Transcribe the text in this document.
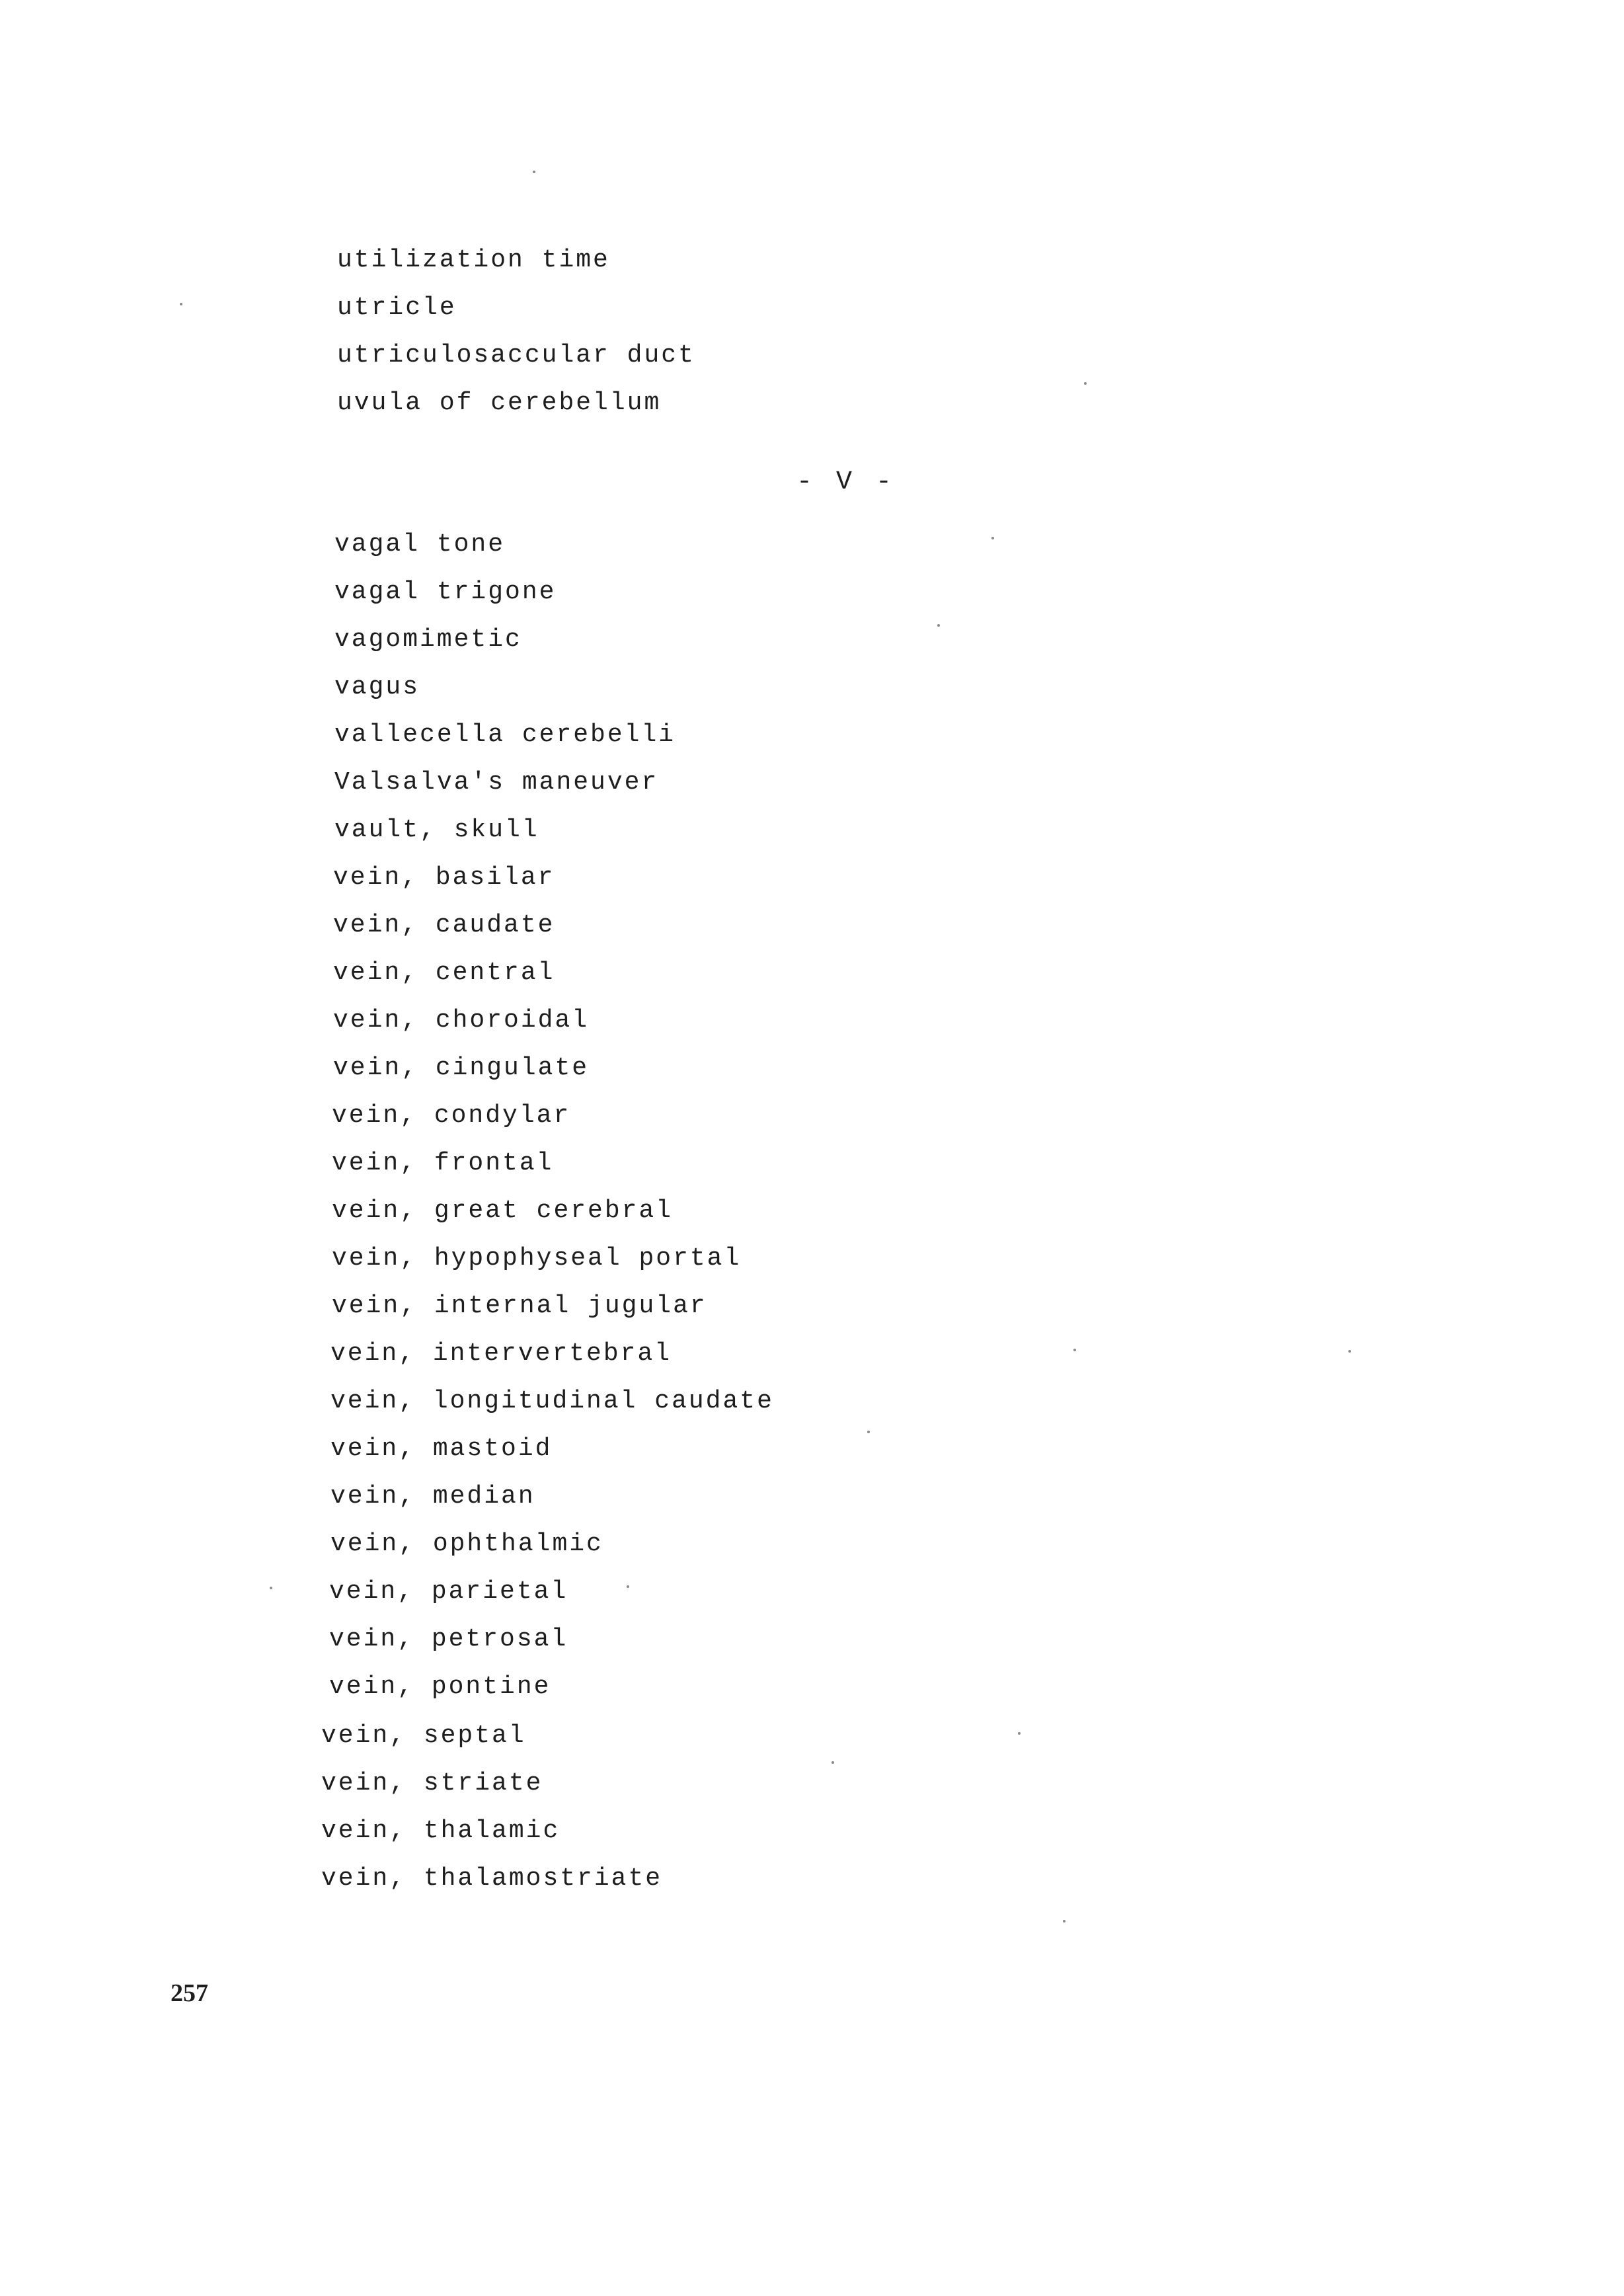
utilization time
utricle
utriculosaccular duct
uvula of cerebellum
- V -
vagal tone
vagal trigone
vagomimetic
vagus
vallecella cerebelli
Valsalva's maneuver
vault, skull
vein, basilar
vein, caudate
vein, central
vein, choroidal
vein, cingulate
vein, condylar
vein, frontal
vein, great cerebral
vein, hypophyseal portal
vein, internal jugular
vein, intervertebral
vein, longitudinal caudate
vein, mastoid
vein, median
vein, ophthalmic
vein, parietal
vein, petrosal
vein, pontine
vein, septal
vein, striate
vein, thalamic
vein, thalamostriate
257
